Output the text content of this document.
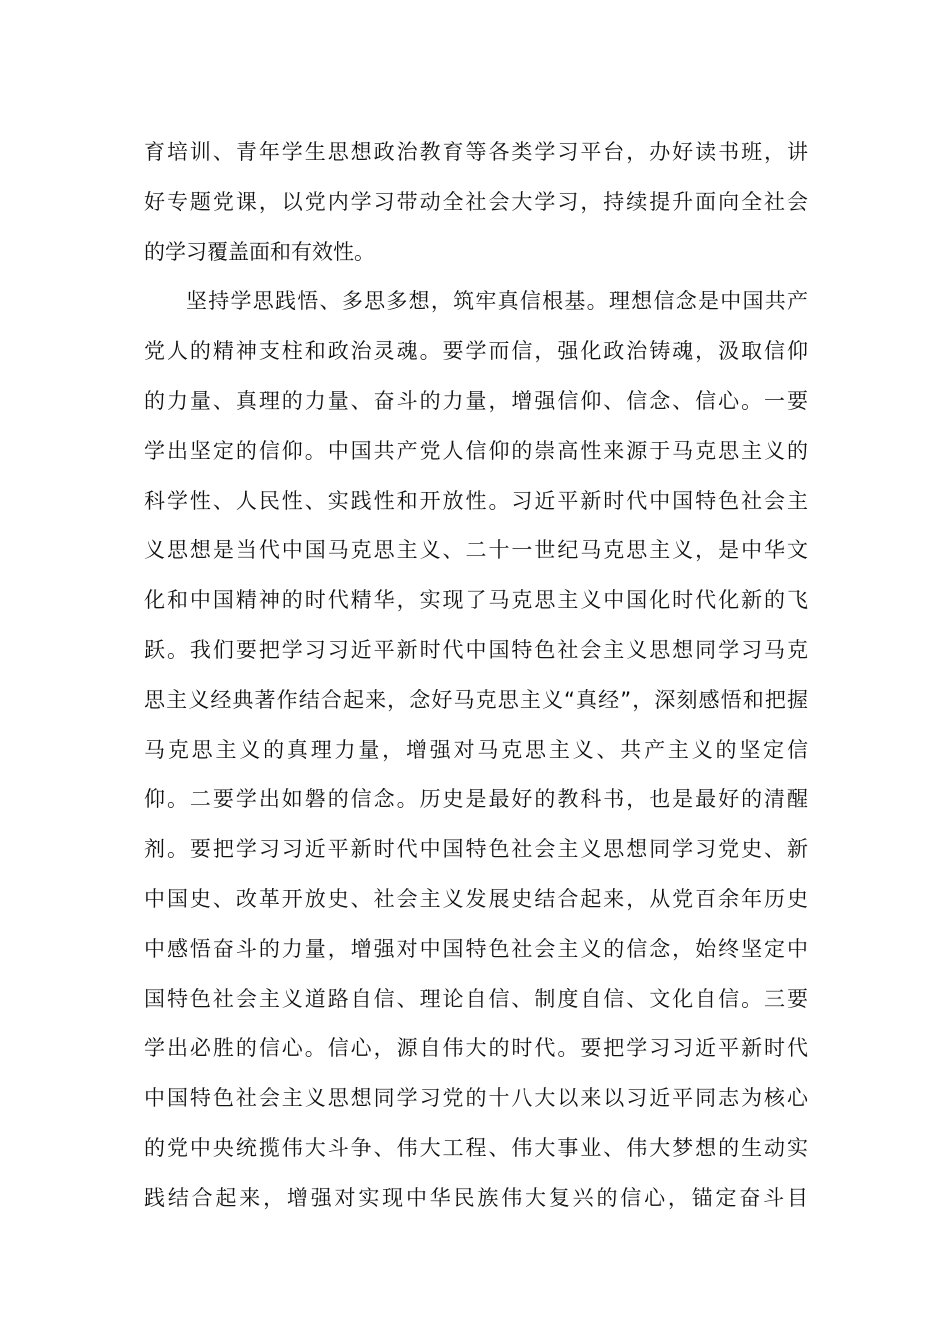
育培训、青年学生思想政治教育等各类学习平台，办好读书班，讲
好专题党课，以党内学习带动全社会大学习，持续提升面向全社会
的学习覆盖面和有效性。
坚持学思践悟、多思多想，筑牢真信根基。理想信念是中国共产
党人的精神支柱和政治灵魂。要学而信，强化政治铸魂，汲取信仰
的力量、真理的力量、奋斗的力量，增强信仰、信念、信心。一要
学出坚定的信仰。中国共产党人信仰的崇高性来源于马克思主义的
科学性、人民性、实践性和开放性。习近平新时代中国特色社会主
义思想是当代中国马克思主义、二十一世纪马克思主义，是中华文
化和中国精神的时代精华，实现了马克思主义中国化时代化新的飞
跃。我们要把学习习近平新时代中国特色社会主义思想同学习马克
思主义经典著作结合起来，念好马克思主义“真经”，深刻感悟和把握
马克思主义的真理力量，增强对马克思主义、共产主义的坚定信
仰。二要学出如磐的信念。历史是最好的教科书，也是最好的清醒
剂。要把学习习近平新时代中国特色社会主义思想同学习党史、新
中国史、改革开放史、社会主义发展史结合起来，从党百余年历史
中感悟奋斗的力量，增强对中国特色社会主义的信念，始终坚定中
国特色社会主义道路自信、理论自信、制度自信、文化自信。三要
学出必胜的信心。信心，源自伟大的时代。要把学习习近平新时代
中国特色社会主义思想同学习党的十八大以来以习近平同志为核心
的党中央统揽伟大斗争、伟大工程、伟大事业、伟大梦想的生动实
践结合起来，增强对实现中华民族伟大复兴的信心，锚定奋斗目
